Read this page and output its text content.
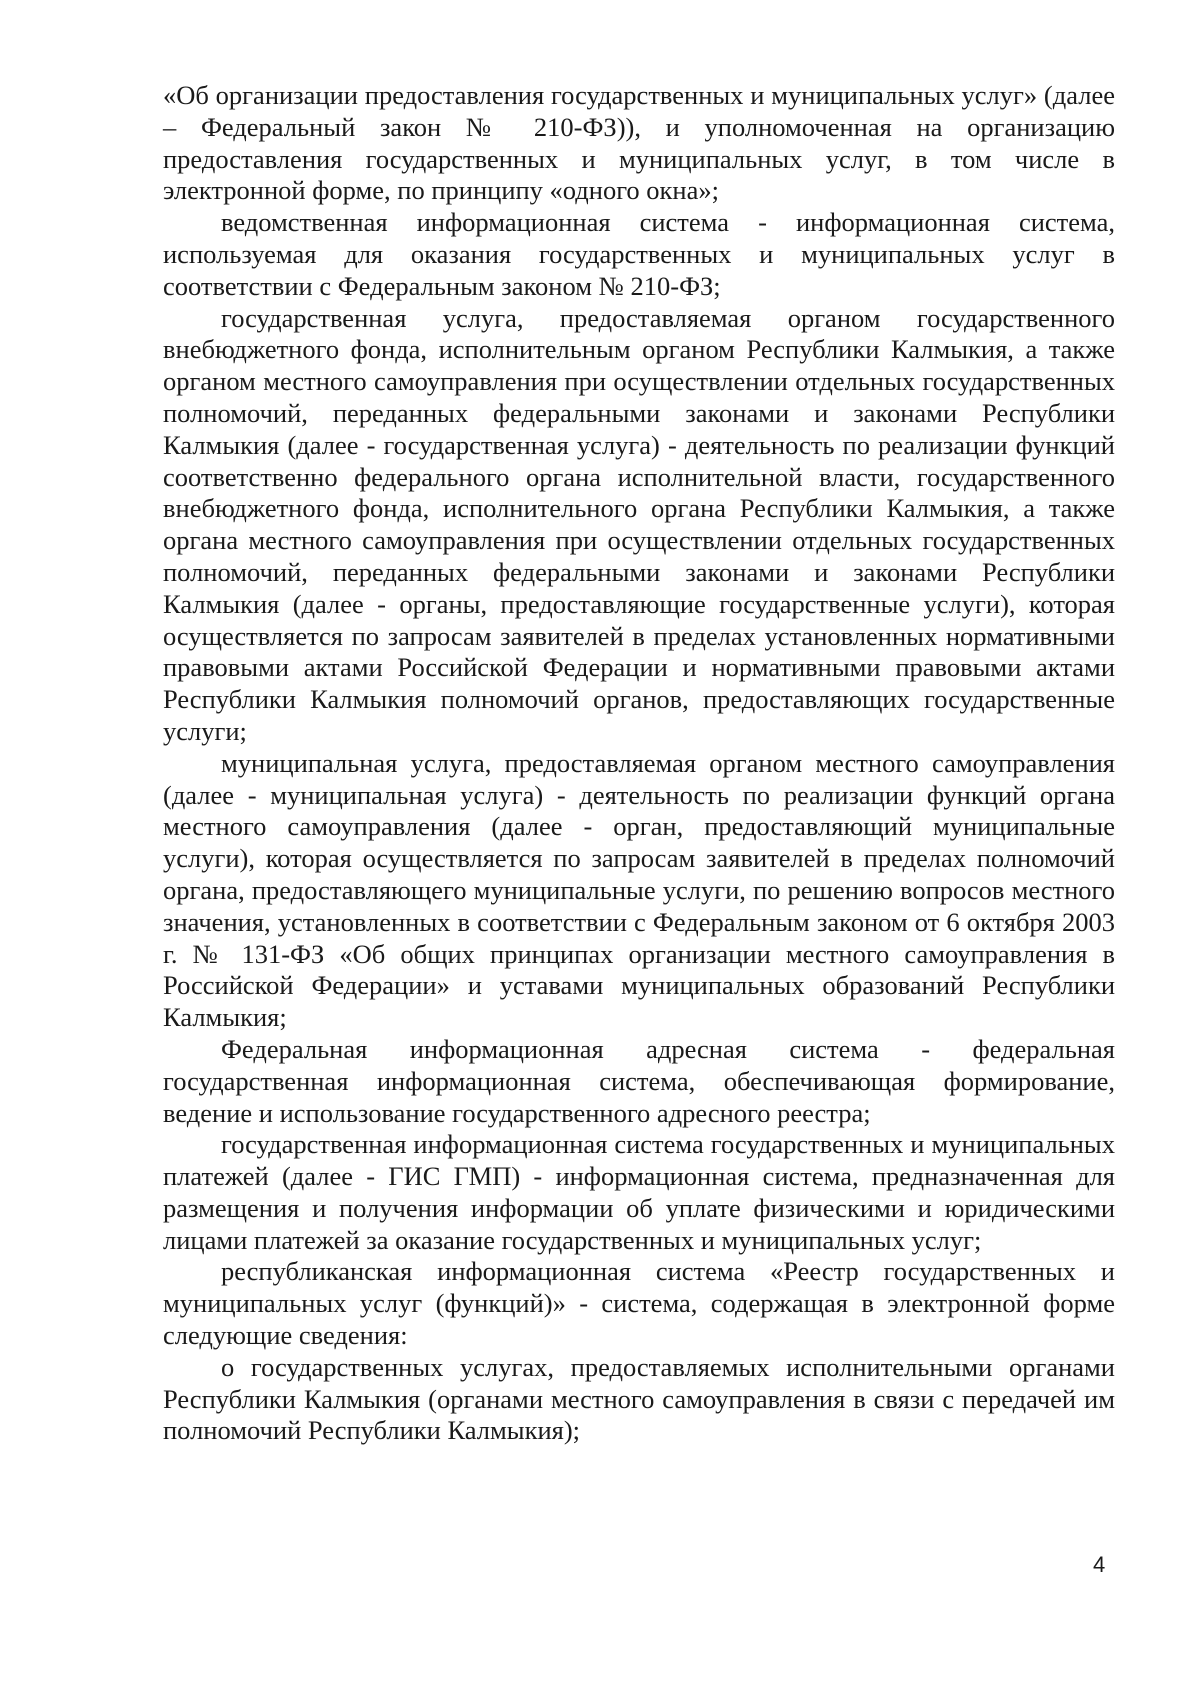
«Об организации предоставления государственных и муниципальных услуг» (далее – Федеральный закон № 210-ФЗ)), и уполномоченная на организацию предоставления государственных и муниципальных услуг, в том числе в электронной форме, по принципу «одного окна»;

ведомственная информационная система - информационная система, используемая для оказания государственных и муниципальных услуг в соответствии с Федеральным законом № 210-ФЗ;

государственная услуга, предоставляемая органом государственного внебюджетного фонда, исполнительным органом Республики Калмыкия, а также органом местного самоуправления при осуществлении отдельных государственных полномочий, переданных федеральными законами и законами Республики Калмыкия (далее - государственная услуга) - деятельность по реализации функций соответственно федерального органа исполнительной власти, государственного внебюджетного фонда, исполнительного органа Республики Калмыкия, а также органа местного самоуправления при осуществлении отдельных государственных полномочий, переданных федеральными законами и законами Республики Калмыкия (далее - органы, предоставляющие государственные услуги), которая осуществляется по запросам заявителей в пределах установленных нормативными правовыми актами Российской Федерации и нормативными правовыми актами Республики Калмыкия полномочий органов, предоставляющих государственные услуги;

муниципальная услуга, предоставляемая органом местного самоуправления (далее - муниципальная услуга) - деятельность по реализации функций органа местного самоуправления (далее - орган, предоставляющий муниципальные услуги), которая осуществляется по запросам заявителей в пределах полномочий органа, предоставляющего муниципальные услуги, по решению вопросов местного значения, установленных в соответствии с Федеральным законом от 6 октября 2003 г. № 131-ФЗ «Об общих принципах организации местного самоуправления в Российской Федерации» и уставами муниципальных образований Республики Калмыкия;

Федеральная информационная адресная система - федеральная государственная информационная система, обеспечивающая формирование, ведение и использование государственного адресного реестра;

государственная информационная система государственных и муниципальных платежей (далее - ГИС ГМП) - информационная система, предназначенная для размещения и получения информации об уплате физическими и юридическими лицами платежей за оказание государственных и муниципальных услуг;

республиканская информационная система «Реестр государственных и муниципальных услуг (функций)» - система, содержащая в электронной форме следующие сведения:

о государственных услугах, предоставляемых исполнительными органами Республики Калмыкия (органами местного самоуправления в связи с передачей им полномочий Республики Калмыкия);

4
